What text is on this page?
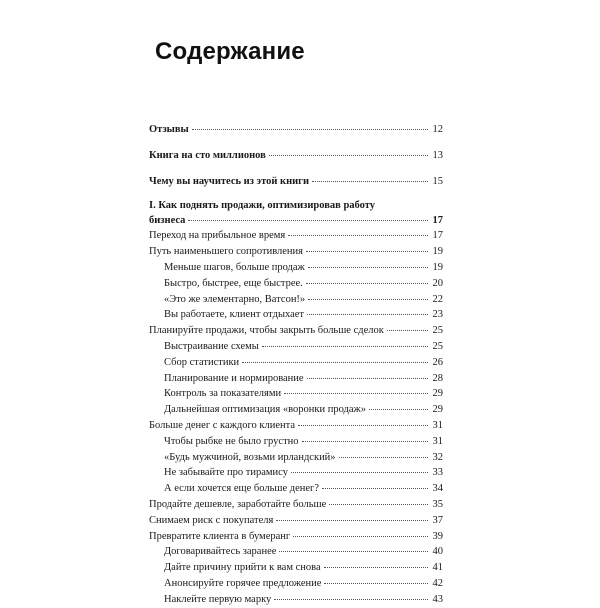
Содержание
Отзывы	12
Книга на сто миллионов	13
Чему вы научитесь из этой книги	15
I. Как поднять продажи, оптимизировав работу
бизнеса	17
Переход на прибыльное время	17
Путь наименьшего сопротивления	19
Меньше шагов, больше продаж	19
Быстро, быстрее, еще быстрее.	20
«Это же элементарно, Ватсон!»	22
Вы работаете, клиент отдыхает	23
Планируйте продажи, чтобы закрыть больше сделок	25
Выстраивание схемы	25
Сбор статистики	26
Планирование и нормирование	28
Контроль за показателями	29
Дальнейшая оптимизация «воронки продаж»	29
Больше денег с каждого клиента	31
Чтобы рыбке не было грустно	31
«Будь мужчиной, возьми ирландский»	32
Не забывайте про тирамису	33
А если хочется еще больше денег?	34
Продайте дешевле, заработайте больше	35
Снимаем риск с покупателя	37
Превратите клиента в бумеранг	39
Договаривайтесь заранее	40
Дайте причину прийти к вам снова	41
Анонсируйте горячее предложение	42
Наклейте первую марку	43
